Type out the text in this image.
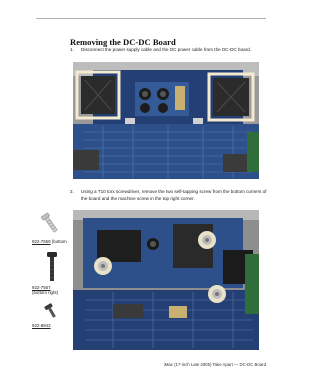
Removing the DC-DC Board
1. Disconnect the power supply cable and the DC power cable from the DC-DC board.
2. Using a T10 torx screwdriver, remove the two self-tapping screw from the bottom corners of
the board and the machine screw in the top right corner.
922-7559 (bottom
922-7557
(bottom right)
922-8842
iMac (17-inch Late 2006) Take Apart — DC-DC Board
